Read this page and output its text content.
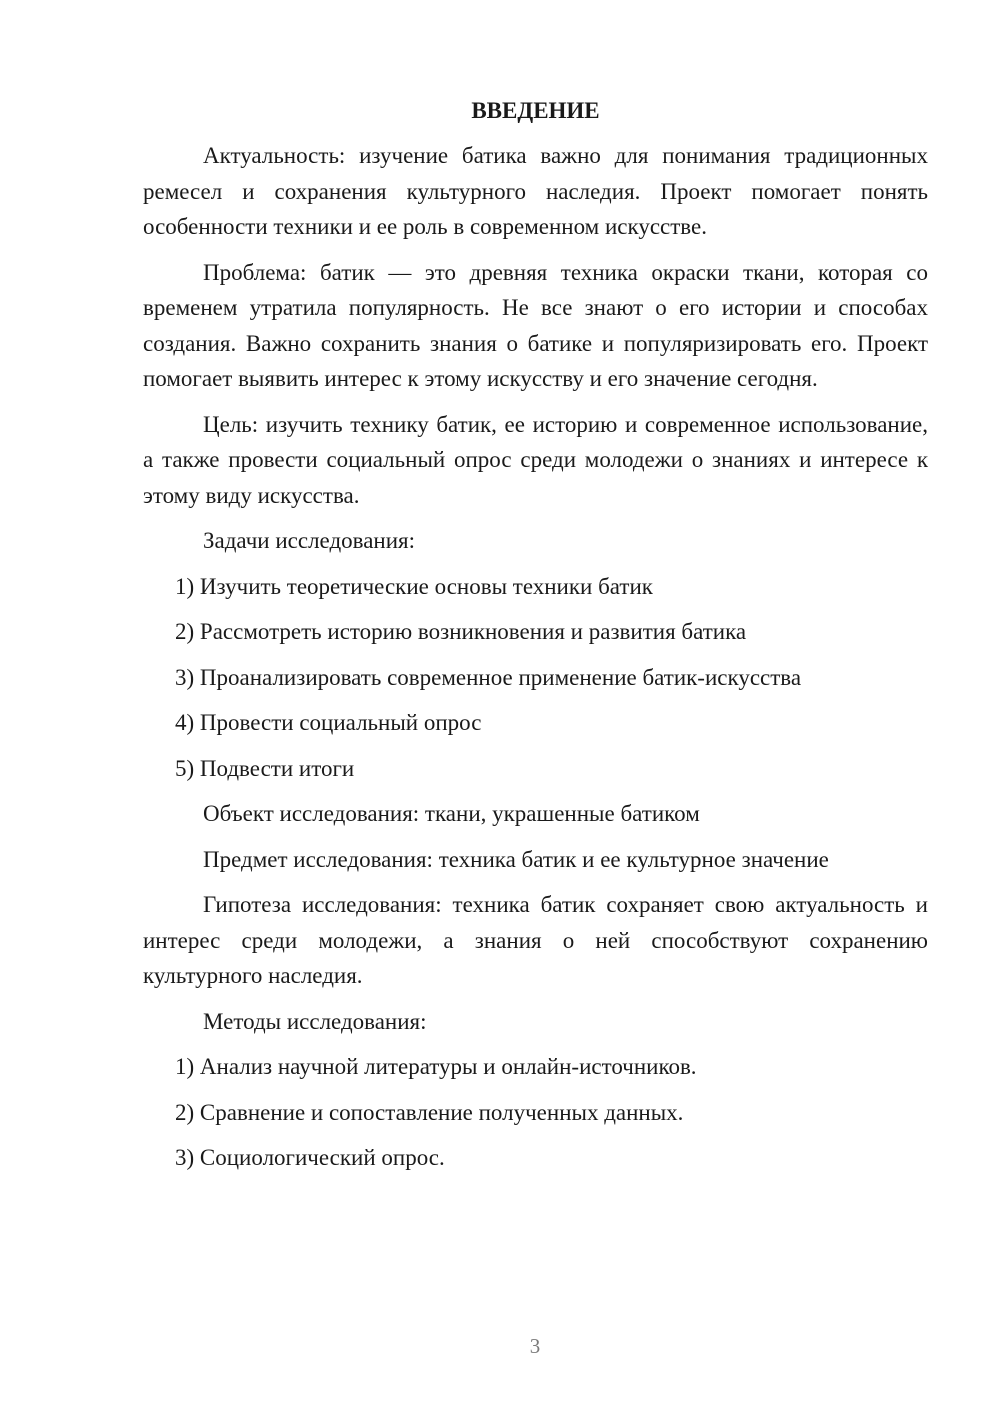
ВВЕДЕНИЕ

Актуальность: изучение батика важно для понимания традиционных ремесел и сохранения культурного наследия. Проект помогает понять особенности техники и ее роль в современном искусстве.

Проблема: батик — это древняя техника окраски ткани, которая со временем утратила популярность. Не все знают о его истории и способах создания. Важно сохранить знания о батике и популяризировать его. Проект помогает выявить интерес к этому искусству и его значение сегодня.

Цель: изучить технику батик, ее историю и современное использование, а также провести социальный опрос среди молодежи о знаниях и интересе к этому виду искусства.

Задачи исследования:

1) Изучить теоретические основы техники батик
2) Рассмотреть историю возникновения и развития батика
3) Проанализировать современное применение батик-искусства
4) Провести социальный опрос
5) Подвести итоги

Объект исследования: ткани, украшенные батиком

Предмет исследования: техника батик и ее культурное значение

Гипотеза исследования: техника батик сохраняет свою актуальность и интерес среди молодежи, а знания о ней способствуют сохранению культурного наследия.

Методы исследования:

1) Анализ научной литературы и онлайн-источников.
2) Сравнение и сопоставление полученных данных.
3) Социологический опрос.
3
